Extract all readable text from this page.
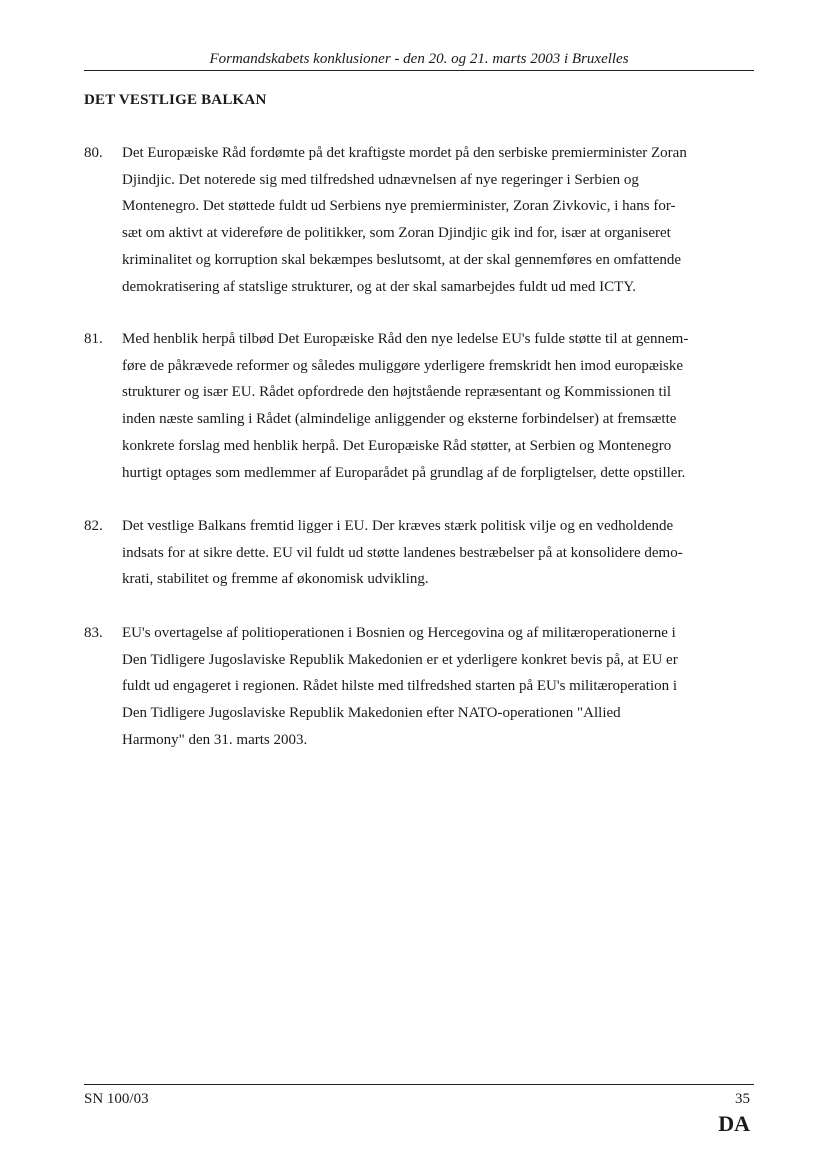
Formandskabets konklusioner - den 20. og 21. marts 2003 i Bruxelles
DET VESTLIGE BALKAN
80.	Det Europæiske Råd fordømte på det kraftigste mordet på den serbiske premierminister Zoran
Djindjic. Det noterede sig med tilfredshed udnævnelsen af nye regeringer i Serbien og
Montenegro. Det støttede fuldt ud Serbiens nye premierminister, Zoran Zivkovic, i hans for-
sæt om aktivt at videreføre de politikker, som Zoran Djindjic gik ind for, især at organiseret
kriminalitet og korruption skal bekæmpes beslutsomt, at der skal gennemføres en omfattende
demokratisering af statslige strukturer, og at der skal samarbejdes fuldt ud med ICTY.
81.	Med henblik herpå tilbød Det Europæiske Råd den nye ledelse EU's fulde støtte til at gennem-
føre de påkrævede reformer og således muliggøre yderligere fremskridt hen imod europæiske
strukturer og især EU. Rådet opfordrede den højtstående repræsentant og Kommissionen til
inden næste samling i Rådet (almindelige anliggender og eksterne forbindelser) at fremsætte
konkrete forslag med henblik herpå. Det Europæiske Råd støtter, at Serbien og Montenegro
hurtigt optages som medlemmer af Europarådet på grundlag af de forpligtelser, dette opstiller.
82.	Det vestlige Balkans fremtid ligger i EU. Der kræves stærk politisk vilje og en vedholdende
indsats for at sikre dette. EU vil fuldt ud støtte landenes bestræbelser på at konsolidere demo-
krati, stabilitet og fremme af økonomisk udvikling.
83.	EU's overtagelse af politioperationen i Bosnien og Hercegovina og af militæroperationerne i
Den Tidligere Jugoslaviske Republik Makedonien er et yderligere konkret bevis på, at EU er
fuldt ud engageret i regionen. Rådet hilste med tilfredshed starten på EU's militæroperation i
Den Tidligere Jugoslaviske Republik Makedonien efter NATO-operationen "Allied
Harmony" den 31. marts 2003.
SN 100/03	35
DA
